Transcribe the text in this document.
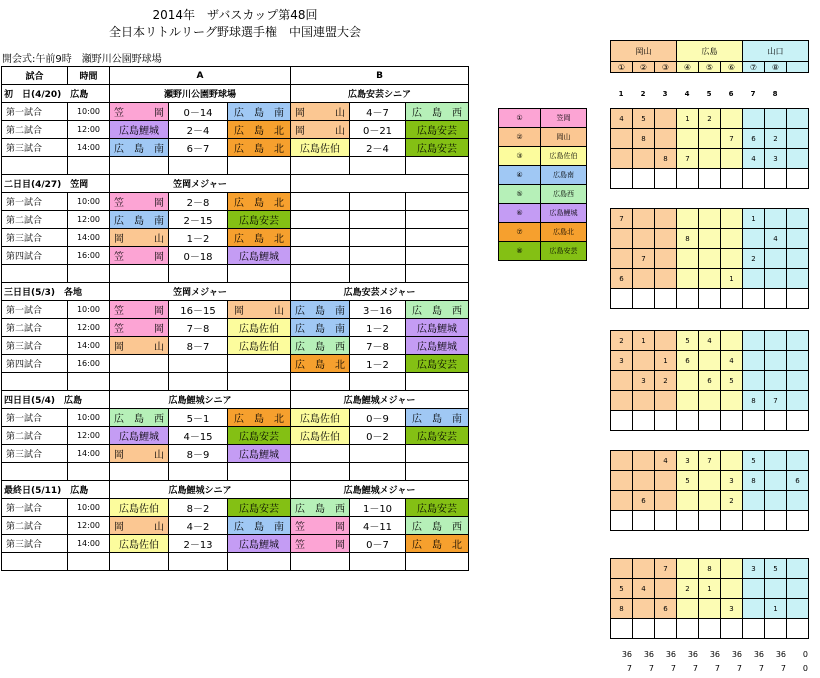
2014年　ザバスカップ第48回
全日本リトルリーグ野球選手権　中国連盟大会
開会式:午前9時　瀬野川公園野球場
試合	時間	A			B		
初　日(4/20)　広島		瀬野川公園野球場			広島安芸シニア		
第一試合	10:00	笠　　　岡	0－14	広　島　南	岡　　　山	4－7	広　島　西
第二試合	12:00	広島鯉城	2－4	広　島　北	岡　　　山	0－21	広島安芸
第三試合	14:00	広　島　南	6－7	広　島　北	広島佐伯	2－4	広島安芸

二日目(4/27)　笠岡		笠岡メジャー					
第一試合	10:00	笠　　　岡	2－8	広　島　北			
第二試合	12:00	広　島　南	2－15	広島安芸			
第三試合	14:00	岡　　　山	1－2	広　島　北			
第四試合	16:00	笠　　　岡	0－18	広島鯉城			

三日目(5/3)　各地		笠岡メジャー			広島安芸メジャー		
第一試合	10:00	笠　　　岡	16－15	岡　　　山	広　島　南	3－16	広　島　西
第二試合	12:00	笠　　　岡	7－8	広島佐伯	広　島　南	1－2	広島鯉城
第三試合	14:00	岡　　　山	8－7	広島佐伯	広　島　西	7－8	広島鯉城
第四試合	16:00				広　島　北	1－2	広島安芸

四日目(5/4)　広島		広島鯉城シニア			広島鯉城メジャー		
第一試合	10:00	広　島　西	5－1	広　島　北	広島佐伯	0－9	広　島　南
第二試合	12:00	広島鯉城	4－15	広島安芸	広島佐伯	0－2	広島安芸
第三試合	14:00	岡　　　山	8－9	広島鯉城			

最終日(5/11)　広島		広島鯉城シニア			広島鯉城メジャー		
第一試合	10:00	広島佐伯	8－2	広島安芸	広　島　西	1－10	広島安芸
第二試合	12:00	岡　　　山	4－2	広　島　南	笠　　　岡	4－11	広　島　西
第三試合	14:00	広島佐伯	2－13	広島鯉城	笠　　　岡	0－7	広　島　北

①	笠岡
②	岡山
③	広島佐伯
④	広島南
⑤	広島西
⑥	広島鯉城
⑦	広島北
⑧	広島安芸
岡山			広島			山口		
①	②	③	④	⑤	⑥	⑦	⑧	
1	2	3	4	5	6	7	8
4	5		1	2				
	8				7	6	2	
		8	7			4	3	

7						1		
			8				4	
	7					2		
6					1			

2	1		5	4				
3		1	6		4			
	3	2		6	5			
						8	7	

		4	3	7		5		
			5		3	8		6
	6				2			

		7		8		3	5	
5	4		2	1				
8		6			3		1	

36	36	36	36	36	36	36	36	0
7	7	7	7	7	7	7	7	0
